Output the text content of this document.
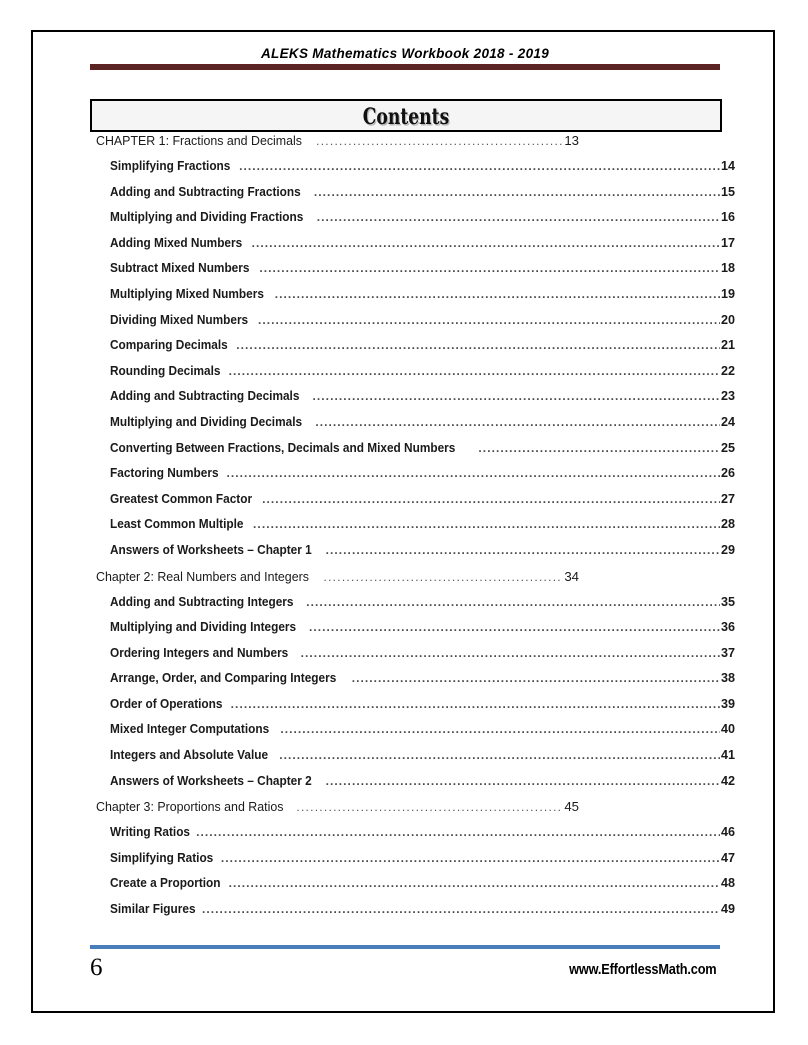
ALEKS Mathematics Workbook 2018 - 2019
Contents
CHAPTER 1: Fractions and Decimals .....	13
Simplifying Fractions .....	14
Adding and Subtracting Fractions .....	15
Multiplying and Dividing Fractions .....	16
Adding Mixed Numbers .....	17
Subtract Mixed Numbers .....	18
Multiplying Mixed Numbers .....	19
Dividing Mixed Numbers .....	20
Comparing Decimals .....	21
Rounding Decimals .....	22
Adding and Subtracting Decimals .....	23
Multiplying and Dividing Decimals .....	24
Converting Between Fractions, Decimals and Mixed Numbers .....	25
Factoring Numbers .....	26
Greatest Common Factor .....	27
Least Common Multiple .....	28
Answers of Worksheets – Chapter 1 .....	29
Chapter 2: Real Numbers and Integers .....	34
Adding and Subtracting Integers .....	35
Multiplying and Dividing Integers .....	36
Ordering Integers and Numbers .....	37
Arrange, Order, and Comparing Integers .....	38
Order of Operations .....	39
Mixed Integer Computations .....	40
Integers and Absolute Value .....	41
Answers of Worksheets – Chapter 2 .....	42
Chapter 3: Proportions and Ratios .....	45
Writing Ratios .....	46
Simplifying Ratios .....	47
Create a Proportion .....	48
Similar Figures .....	49
6	www.EffortlessMath.com
